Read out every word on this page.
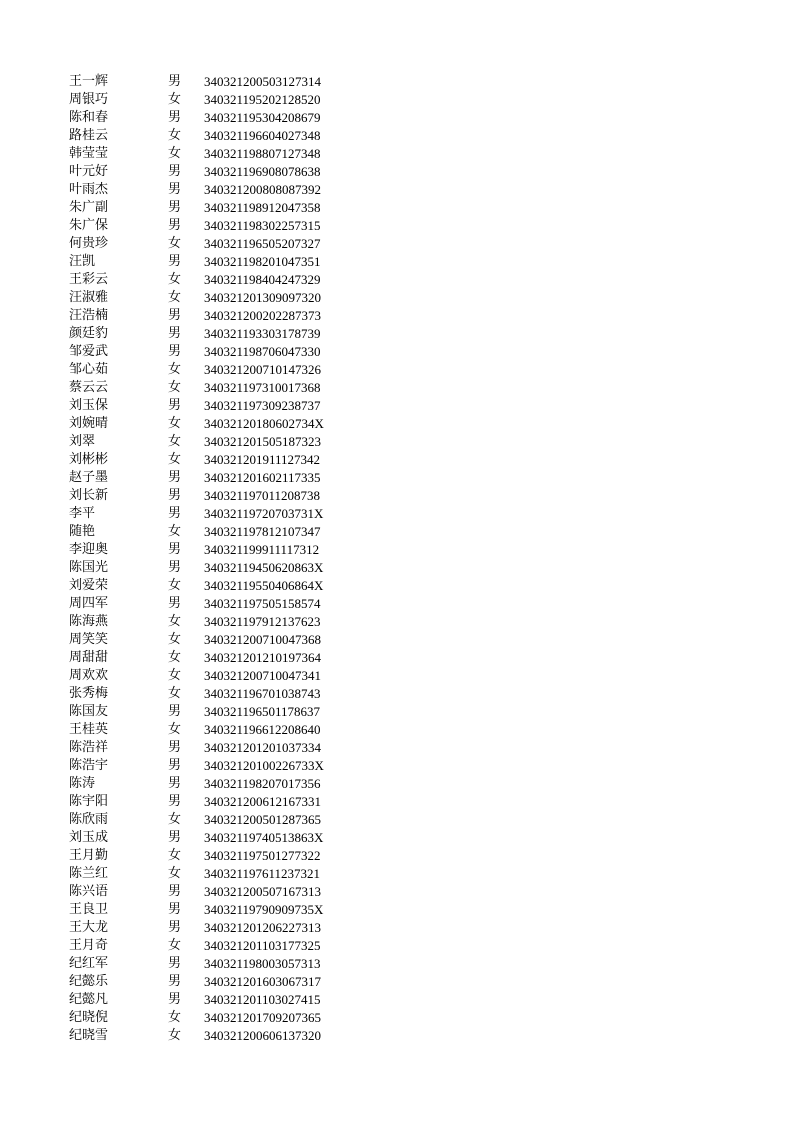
王一辉	男 340321200503127314
周银巧	女 340321195202128520
陈和春	男 340321195304208679
路桂云	女 340321196604027348
韩莹莹	女 340321198807127348
叶元好	男 340321196908078638
叶雨杰	男 340321200808087392
朱广副	男 340321198912047358
朱广保	男 340321198302257315
何贵珍	女 340321196505207327
汪凯	男 340321198201047351
王彩云	女 340321198404247329
汪淑雅	女 340321201309097320
汪浩楠	男 340321200202287373
颜廷豹	男 340321193303178739
邹爱武	男 340321198706047330
邹心茹	女 340321200710147326
蔡云云	女 340321197310017368
刘玉保	男 340321197309238737
刘婉晴	女 34032120180602734X
刘翠	女 340321201505187323
刘彬彬	女 340321201911127342
赵子墨	男 340321201602117335
刘长新	男 340321197011208738
李平	男 34032119720703731X
随艳	女 340321197812107347
李迎奥	男 340321199911117312
陈国光	男 34032119450620863X
刘爱荣	女 34032119550406864X
周四军	男 340321197505158574
陈海燕	女 340321197912137623
周笑笑	女 340321200710047368
周甜甜	女 340321201210197364
周欢欢	女 340321200710047341
张秀梅	女 340321196701038743
陈国友	男 340321196501178637
王桂英	女 340321196612208640
陈浩祥	男 340321201201037334
陈浩宇	男 34032120100226733X
陈涛	男 340321198207017356
陈宇阳	男 340321200612167331
陈欣雨	女 340321200501287365
刘玉成	男 34032119740513863X
王月勤	女 340321197501277322
陈兰红	女 340321197611237321
陈兴语	男 340321200507167313
王良卫	男 34032119790909735X
王大龙	男 340321201206227313
王月奇	女 340321201103177325
纪红军	男 340321198003057313
纪懿乐	男 340321201603067317
纪懿凡	男 340321201103027415
纪晓倪	女 340321201709207365
纪晓雪	女 340321200606137320
